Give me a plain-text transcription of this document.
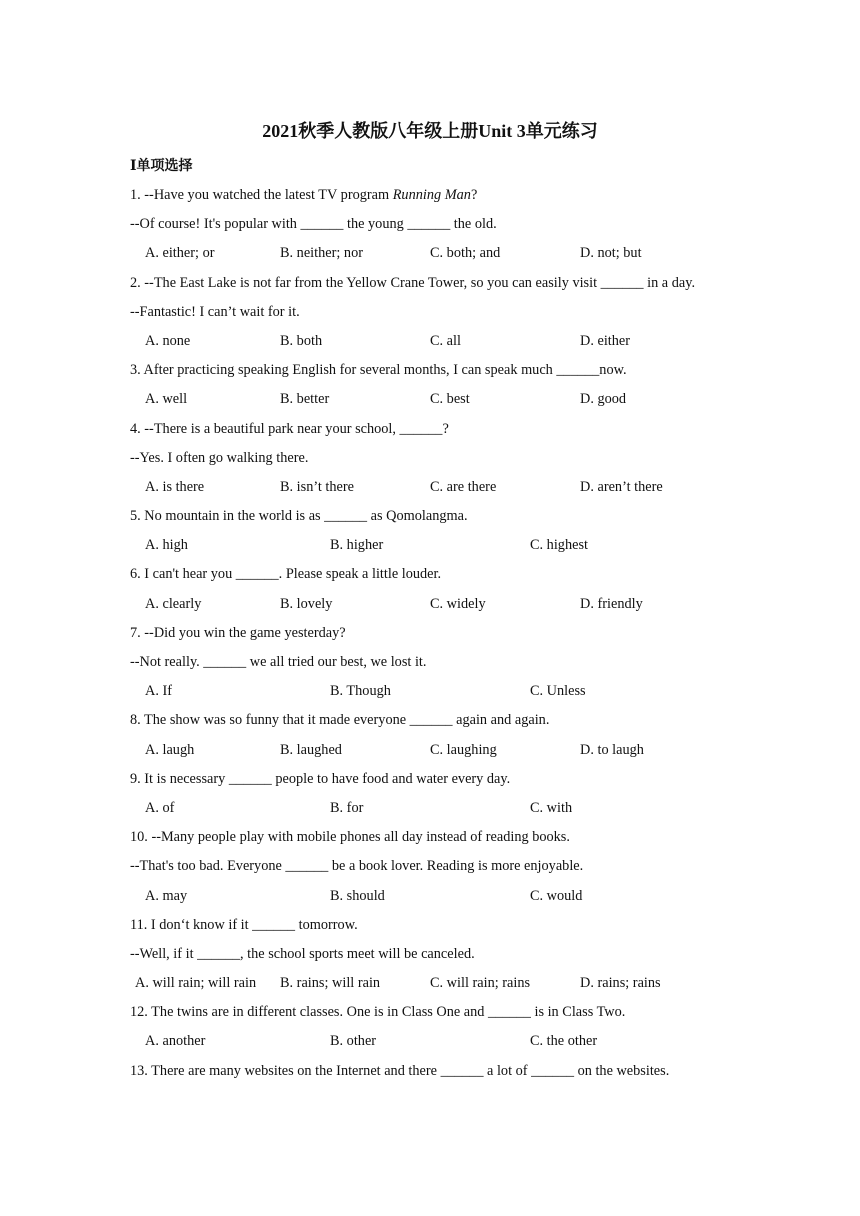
2021秋季人教版八年级上册Unit 3单元练习
Ⅰ单项选择
1. --Have you watched the latest TV program Running Man?
--Of course! It's popular with ______ the young ______ the old.
A. either; or	B. neither; nor	C. both; and	D. not; but
2. --The East Lake is not far from the Yellow Crane Tower, so you can easily visit ______ in a day.
--Fantastic! I can’t wait for it.
A. none	B. both	C. all	D. either
3. After practicing speaking English for several months, I can speak much ______now.
A. well	B. better	C. best	D. good
4. --There is a beautiful park near your school, ______?
--Yes. I often go walking there.
A. is there	B. isn’t there	C. are there	D. aren’t there
5. No mountain in the world is as ______ as Qomolangma.
A. high	B. higher	C. highest
6. I can't hear you ______. Please speak a little louder.
A. clearly	B. lovely	C. widely	D. friendly
7. --Did you win the game yesterday?
--Not really. ______ we all tried our best, we lost it.
A. If	B. Though	C. Unless
8. The show was so funny that it made everyone ______ again and again.
A. laugh	B. laughed	C. laughing	D. to laugh
9. It is necessary ______ people to have food and water every day.
A. of	B. for	C. with
10. --Many people play with mobile phones all day instead of reading books.
--That's too bad. Everyone ______ be a book lover. Reading is more enjoyable.
A. may	B. should	C. would
11. I don‘t know if it ______ tomorrow.
--Well, if it ______, the school sports meet will be canceled.
A. will rain; will rain B. rains; will rain	C. will rain; rains	D. rains; rains
12. The twins are in different classes. One is in Class One and ______ is in Class Two.
A. another	B. other	C. the other
13. There are many websites on the Internet and there ______ a lot of ______ on the websites.
